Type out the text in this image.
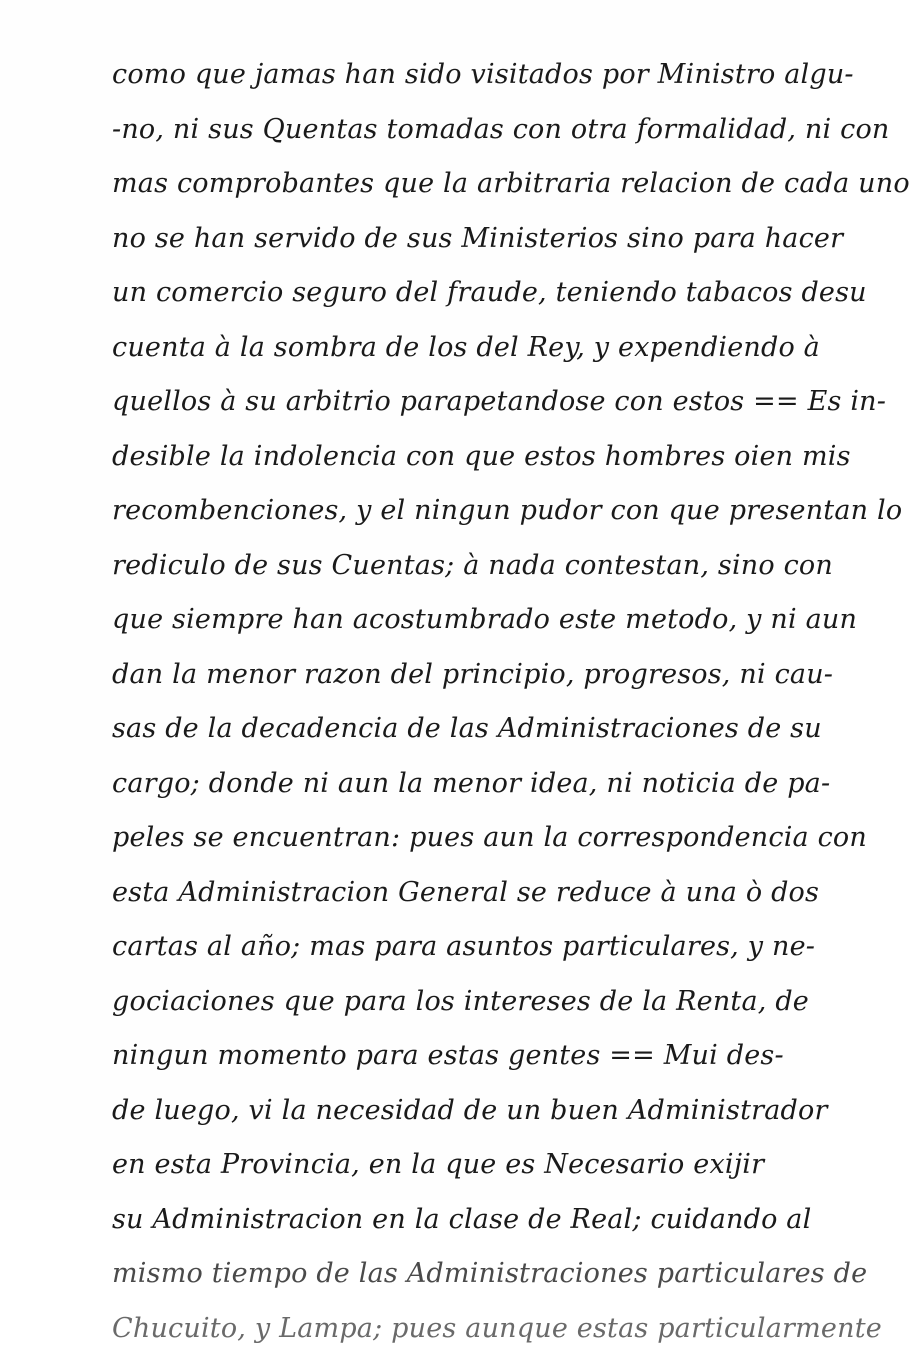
como que jamas han sido visitados por Ministro algu-
-no, ni sus Quentas tomadas con otra formalidad, ni con
mas comprobantes que la arbitraria relacion de cada uno
no se han servido de sus Ministerios sino para hacer
un comercio seguro del fraude, teniendo tabacos desu
cuenta à la sombra de los del Rey, y expendiendo à
quellos à su arbitrio parapetandose con estos == Es in-
desible la indolencia con que estos hombres oien mis
recombenciones, y el ningun pudor con que presentan lo
rediculo de sus Cuentas; à nada contestan, sino con
que siempre han acostumbrado este metodo, y ni aun
dan la menor razon del principio, progresos, ni cau-
sas de la decadencia de las Administraciones de su
cargo; donde ni aun la menor idea, ni noticia de pa-
peles se encuentran: pues aun la correspondencia con
esta Administracion General se reduce à una ò dos
cartas al año; mas para asuntos particulares, y ne-
gociaciones que para los intereses de la Renta, de
ningun momento para estas gentes == Mui des-
de luego, vi la necesidad de un buen Administrador
en esta Provincia, en la que es Necesario exijir
su Administracion en la clase de Real; cuidando al
mismo tiempo de las Administraciones particulares de
Chucuito, y Lampa; pues aunque estas particularmente
